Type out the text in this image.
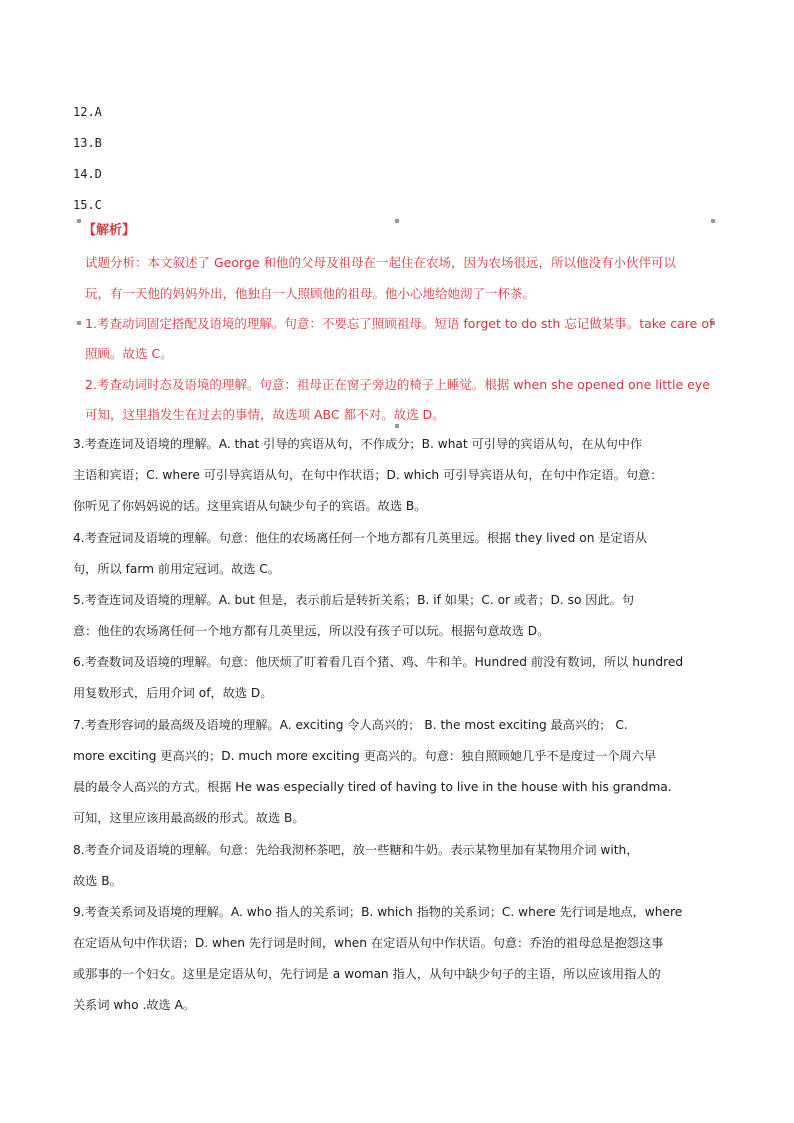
12.A
13.B
14.D
15.C
【解析】
试题分析：本文叙述了 George 和他的父母及祖母在一起住在农场，因为农场很远，所以他没有小伙伴可以
玩，有一天他的妈妈外出，他独自一人照顾他的祖母。他小心地给她沏了一杯茶。
1.考查动词固定搭配及语境的理解。句意：不要忘了照顾祖母。短语 forget to do sth 忘记做某事。take care of
照顾。故选 C。
2.考查动词时态及语境的理解。句意：祖母正在窗子旁边的椅子上睡觉。根据 when she opened one little eye
可知，这里指发生在过去的事情，故选项 ABC 都不对。故选 D。
3.考查连词及语境的理解。A. that 引导的宾语从句，不作成分；B. what 可引导的宾语从句，在从句中作
主语和宾语；C. where 可引导宾语从句，在句中作状语；D. which 可引导宾语从句，在句中作定语。句意：
你听见了你妈妈说的话。这里宾语从句缺少句子的宾语。故选 B。
4.考查冠词及语境的理解。句意：他住的农场离任何一个地方都有几英里远。根据 they lived on 是定语从
句，所以 farm 前用定冠词。故选 C。
5.考查连词及语境的理解。A. but 但是，表示前后是转折关系；B. if 如果；C. or 或者；D. so 因此。句
意：他住的农场离任何一个地方都有几英里远，所以没有孩子可以玩。根据句意故选 D。
6.考查数词及语境的理解。句意：他厌烦了盯着看几百个猪、鸡、牛和羊。Hundred 前没有数词，所以 hundred
用复数形式，后用介词 of，故选 D。
7.考查形容词的最高级及语境的理解。A. exciting 令人高兴的； B. the most exciting 最高兴的； C.
more exciting 更高兴的；D. much more exciting 更高兴的。句意：独自照顾她几乎不是度过一个周六早
晨的最令人高兴的方式。根据 He was especially tired of having to live in the house with his grandma.
可知，这里应该用最高级的形式。故选 B。
8.考查介词及语境的理解。句意：先给我沏杯茶吧，放一些糖和牛奶。表示某物里加有某物用介词 with，
故选 B。
9.考查关系词及语境的理解。A. who 指人的关系词；B. which 指物的关系词；C. where 先行词是地点，where
在定语从句中作状语；D. when 先行词是时间，when 在定语从句中作状语。句意：乔治的祖母总是抱怨这事
或那事的一个妇女。这里是定语从句，先行词是 a woman 指人，从句中缺少句子的主语，所以应该用指人的
关系词 who .故选 A。
